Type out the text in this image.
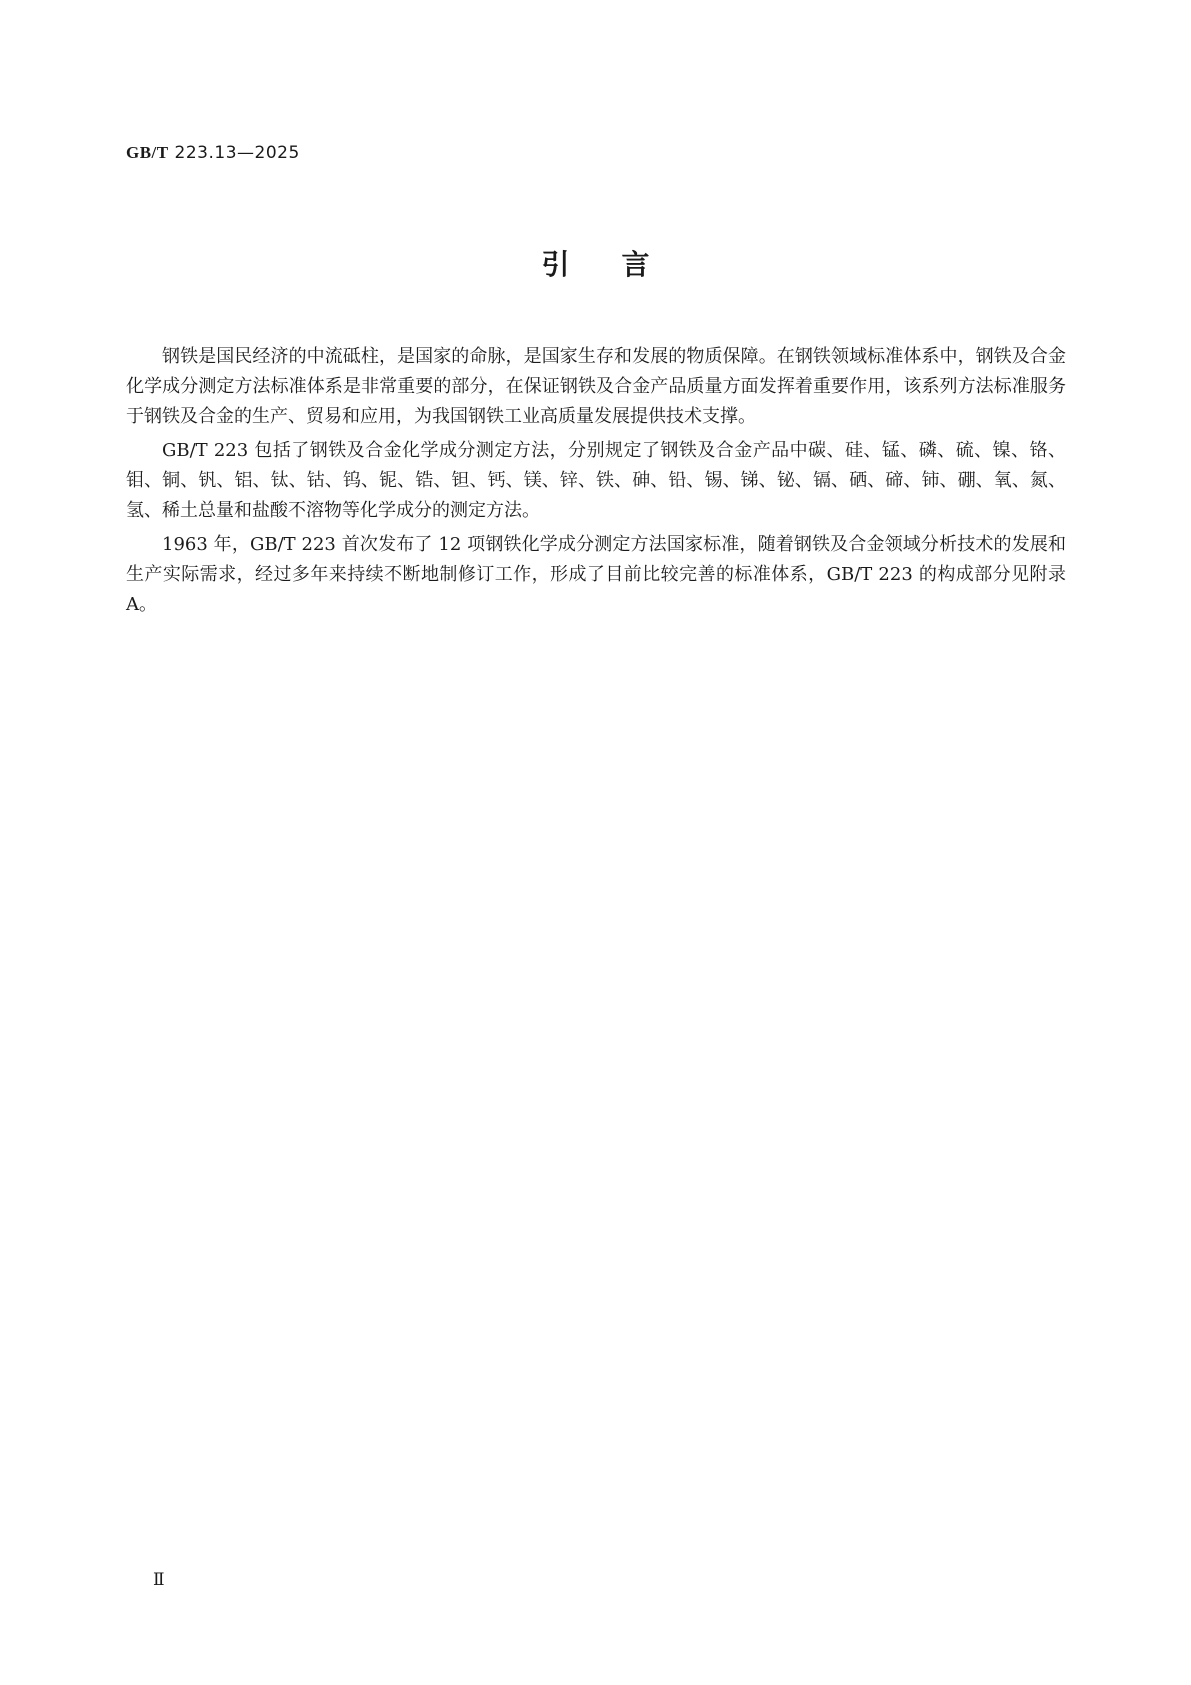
GB/T 223.13—2025
引言

钢铁是国民经济的中流砥柱，是国家的命脉，是国家生存和发展的物质保障。在钢铁领域标准体系中，钢铁及合金化学成分测定方法标准体系是非常重要的部分，在保证钢铁及合金产品质量方面发挥着重要作用，该系列方法标准服务于钢铁及合金的生产、贸易和应用，为我国钢铁工业高质量发展提供技术支撑。

GB/T 223 包括了钢铁及合金化学成分测定方法，分别规定了钢铁及合金产品中碳、硅、锰、磷、硫、镍、铬、钼、铜、钒、铝、钛、钴、钨、铌、锆、钽、钙、镁、锌、铁、砷、铅、锡、锑、铋、镉、硒、碲、铈、硼、氧、氮、氢、稀土总量和盐酸不溶物等化学成分的测定方法。

1963 年，GB/T 223 首次发布了 12 项钢铁化学成分测定方法国家标准，随着钢铁及合金领域分析技术的发展和生产实际需求，经过多年来持续不断地制修订工作，形成了目前比较完善的标准体系，GB/T 223 的构成部分见附录 A。

Ⅱ
